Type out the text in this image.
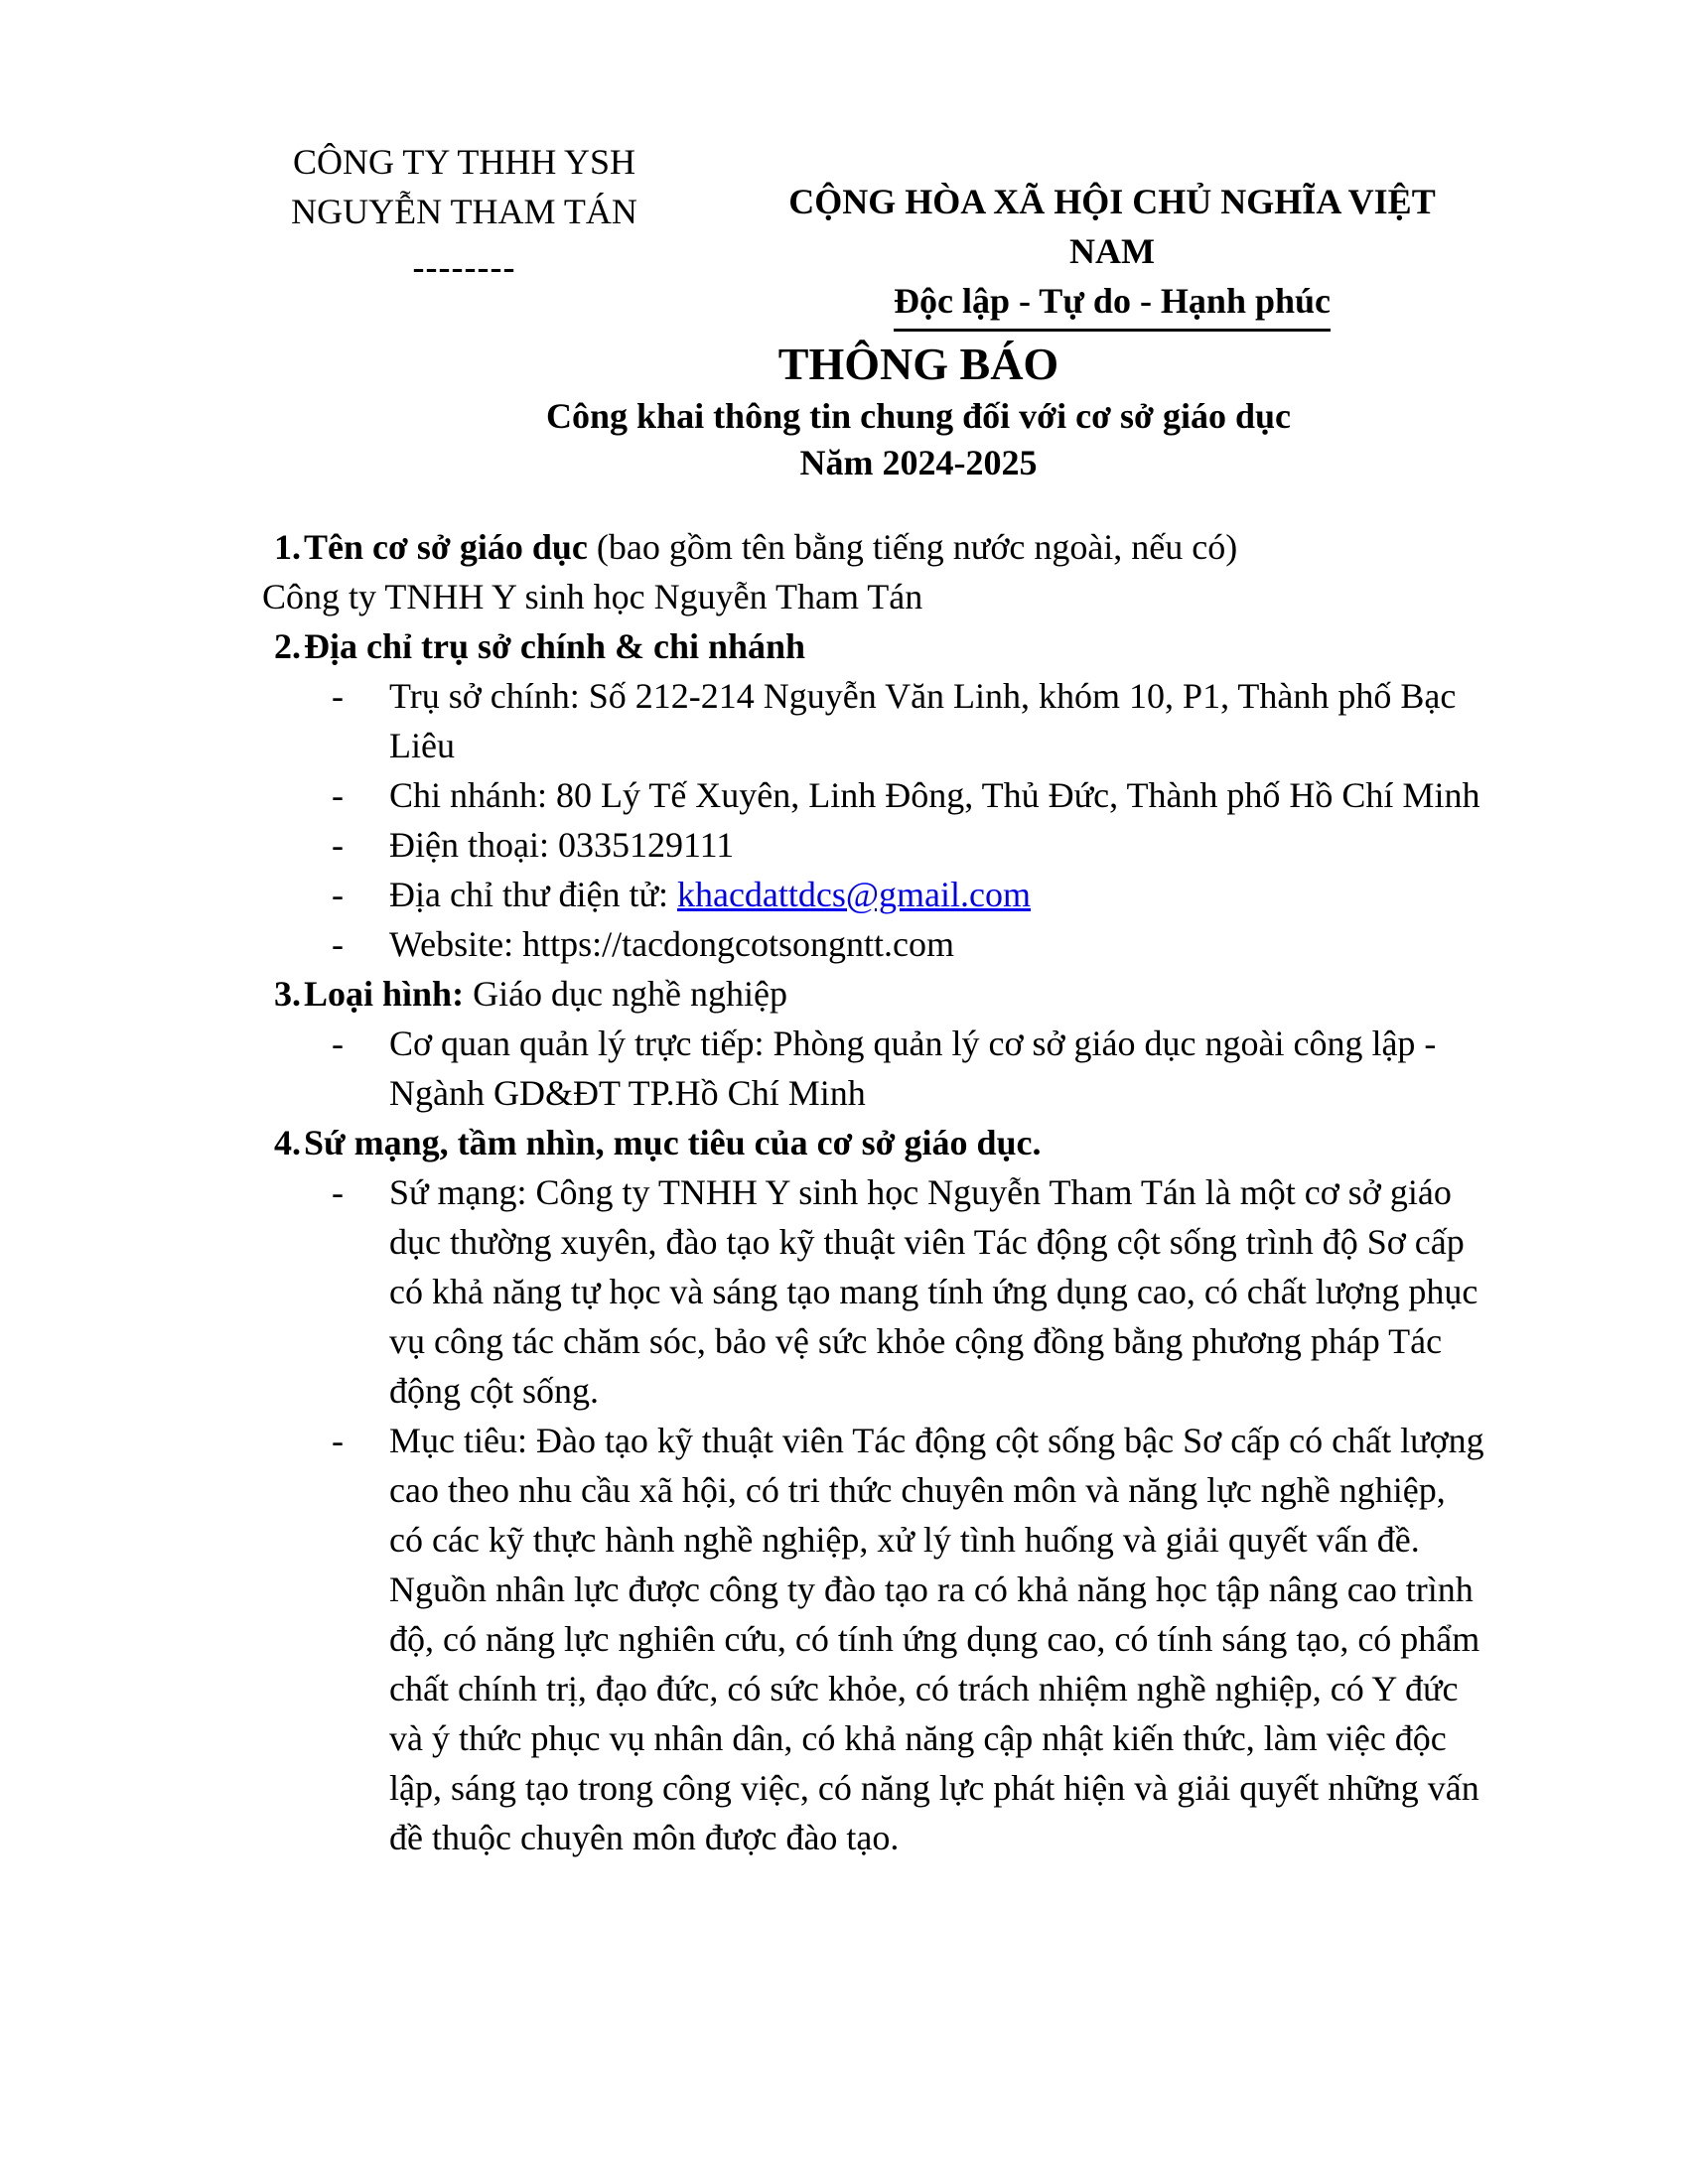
CÔNG TY THHH YSH
NGUYỄN THAM TÁN
--------
CỘNG HÒA XÃ HỘI CHỦ NGHĨA VIỆT NAM
Độc lập - Tự do - Hạnh phúc
THÔNG BÁO
Công khai thông tin chung đối với cơ sở giáo dục
Năm 2024-2025
1. Tên cơ sở giáo dục (bao gồm tên bằng tiếng nước ngoài, nếu có)
Công ty TNHH Y sinh học Nguyễn Tham Tán
2. Địa chỉ trụ sở chính & chi nhánh
-	Trụ sở chính: Số 212-214 Nguyễn Văn Linh, khóm 10, P1, Thành phố Bạc Liêu
-	Chi nhánh: 80 Lý Tế Xuyên, Linh Đông, Thủ Đức, Thành phố Hồ Chí Minh
-	Điện thoại: 0335129111
-	Địa chỉ thư điện tử: khacdattdcs@gmail.com
-	Website: https://tacdongcotsongntt.com
3. Loại hình: Giáo dục nghề nghiệp
-	Cơ quan quản lý trực tiếp: Phòng quản lý cơ sở giáo dục ngoài công lập - Ngành GD&ĐT TP.Hồ Chí Minh
4. Sứ mạng, tầm nhìn, mục tiêu của cơ sở giáo dục.
-	Sứ mạng: Công ty TNHH Y sinh học Nguyễn Tham Tán là một cơ sở giáo dục thường xuyên, đào tạo kỹ thuật viên Tác động cột sống trình độ Sơ cấp có khả năng tự học và sáng tạo mang tính ứng dụng cao, có chất lượng phục vụ công tác chăm sóc, bảo vệ sức khỏe cộng đồng bằng phương pháp Tác động cột sống.
-	Mục tiêu: Đào tạo kỹ thuật viên Tác động cột sống bậc Sơ cấp có chất lượng cao theo nhu cầu xã hội, có tri thức chuyên môn và năng lực nghề nghiệp, có các kỹ thực hành nghề nghiệp, xử lý tình huống và giải quyết vấn đề. Nguồn nhân lực được công ty đào tạo ra có khả năng học tập nâng cao trình độ, có năng lực nghiên cứu, có tính ứng dụng cao, có tính sáng tạo, có phẩm chất chính trị, đạo đức, có sức khỏe, có trách nhiệm nghề nghiệp, có Y đức và ý thức phục vụ nhân dân, có khả năng cập nhật kiến thức, làm việc độc lập, sáng tạo trong công việc, có năng lực phát hiện và giải quyết những vấn đề thuộc chuyên môn được đào tạo.
